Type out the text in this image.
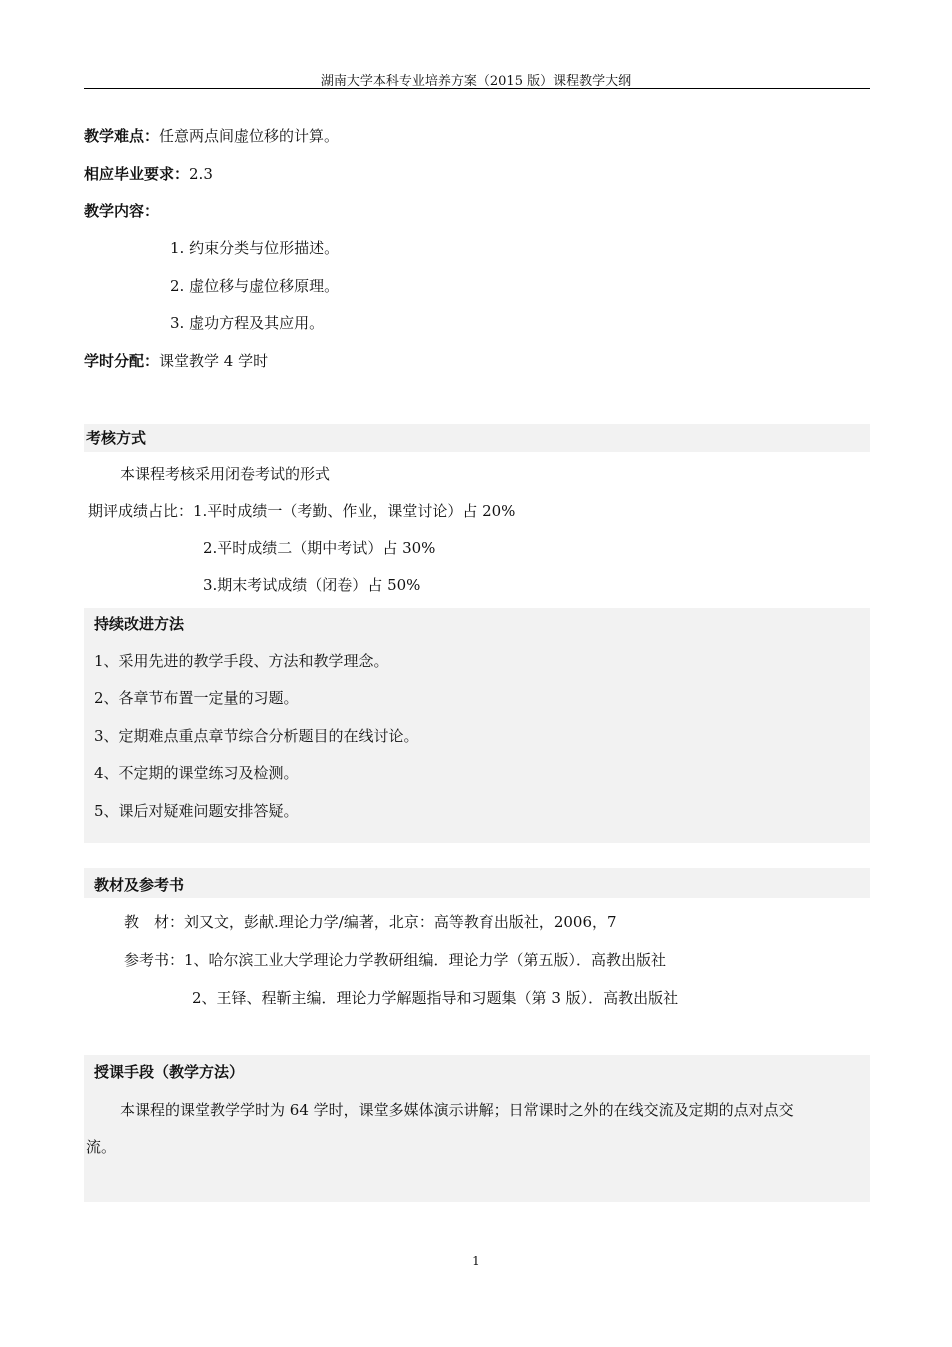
湖南大学本科专业培养方案（2015 版）课程教学大纲
教学难点：任意两点间虚位移的计算。
相应毕业要求：2.3
教学内容：
1. 约束分类与位形描述。
2. 虚位移与虚位移原理。
3. 虚功方程及其应用。
学时分配：课堂教学 4 学时
考核方式
本课程考核采用闭卷考试的形式
期评成绩占比：1.平时成绩一（考勤、作业，课堂讨论）占 20%
2.平时成绩二（期中考试）占 30%
3.期末考试成绩（闭卷）占 50%
持续改进方法
1、采用先进的教学手段、方法和教学理念。
2、各章节布置一定量的习题。
3、定期难点重点章节综合分析题目的在线讨论。
4、不定期的课堂练习及检测。
5、课后对疑难问题安排答疑。
教材及参考书
教　材：刘又文，彭献.理论力学/编著，北京：高等教育出版社，2006，7
参考书：1、哈尔滨工业大学理论力学教研组编．理论力学（第五版）．高教出版社
2、王铎、程靳主编．理论力学解题指导和习题集（第 3 版）．高教出版社
授课手段（教学方法）
本课程的课堂教学学时为 64 学时，课堂多媒体演示讲解；日常课时之外的在线交流及定期的点对点交
流。
1
